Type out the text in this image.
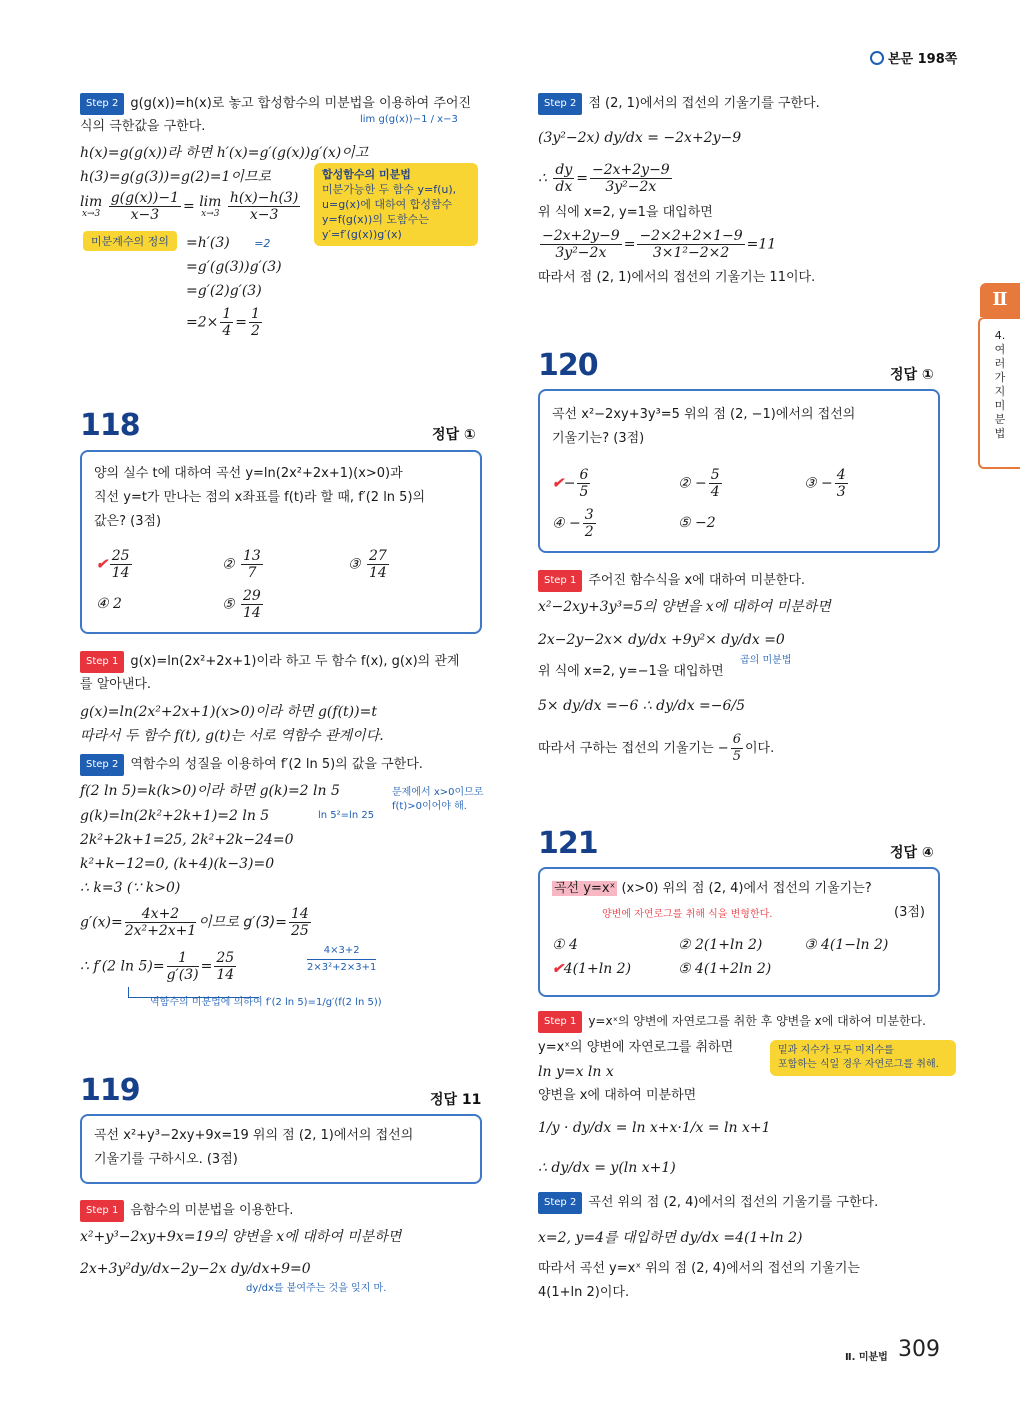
본문 198쪽
Ⅱ
4. 여러 가지 미분법
Step 2 g(g(x))=h(x)로 놓고 합성함수의 미분법을 이용하여 주어진
식의 극한값을 구한다.	lim g(g(x))−1 / x−3
h(x)=g(g(x))라 하면 h′(x)=g′(g(x))g′(x)이고
h(3)=g(g(3))=g(2)=1이므로
lim
x→3
$\frac{g(g(x))-1}{x-3} = \lim$
x→3
$\frac{h(x)-h(3)}{x-3}$
미분계수의 정의	=h′(3) =2
=g′(g(3))g′(3)
=g′(2)g′(3)
$=2\times \frac{1}{4} = \frac{1}{2}$
합성함수의 미분법
미분가능한 두 함수 y=f(u),
u=g(x)에 대하여 합성함수
y=f(g(x))의 도함수는
y′=f′(g(x))g′(x)
118	정답 ①
양의 실수 t에 대하여 곡선 y=ln(2x²+2x+1)(x>0)과
직선 y=t가 만나는 점의 x좌표를 f(t)라 할 때, f′(2 ln 5)의
값은? (3점)
✔ $\frac{25}{14}$	② $\frac{13}{7}$	③ $\frac{27}{14}$
④ 2	⑤ $\frac{29}{14}$
Step 1 g(x)=ln(2x²+2x+1)이라 하고 두 함수 f(x), g(x)의 관계
를 알아낸다.
g(x)=ln(2x²+2x+1)(x>0)이라 하면 g(f(t))=t
따라서 두 함수 f(t), g(t)는 서로 역함수 관계이다.
Step 2 역함수의 성질을 이용하여 f′(2 ln 5)의 값을 구한다.
f(2 ln 5)=k(k>0)이라 하면 g(k)=2 ln 5	문제에서 x>0이므로
f(t)>0이어야 해.
g(k)=ln(2k²+2k+1)=2 ln 5	ln 5²=ln 25
2k²+2k+1=25, 2k²+2k−24=0
k²+k−12=0, (k+4)(k−3)=0
∴ k=3 (∵ k>0)
$g'(x)= \frac{4x+2}{\text{2x²+2x+1}}$ 이므로 $g'(3)= \frac{14}{25}$
$\frac{4\times 3+2}{\text{2×3²+2×3+1}}$
∴ f′(2 $\ln 5)= \frac{1}{g'(3)} = \frac{25}{14}$
역함수의 미분법에 의하여 f′(2 ln 5)=1/g′(f(2 ln 5))
119	정답 11
곡선 x²+y³−2xy+9x=19 위의 점 (2, 1)에서의 접선의
기울기를 구하시오. (3점)
Step 1 음함수의 미분법을 이용한다.
x²+y³−2xy+9x=19의 양변을 x에 대하여 미분하면
2x+3y²dy/dx−2y−2x dy/dx+9=0
dy/dx를 붙여주는 것을 잊지 마.
Step 2 점 (2, 1)에서의 접선의 기울기를 구한다.
(3y²−2x) dy/dx = −2x+2y−9
∴ $\frac{dy}{dx} = \frac{-2x+2y-9}{\text{3y²−2x}}$
위 식에 x=2, y=1을 대입하면
$\frac{-2x+2y-9}{\text{3y²−2x}} = \frac{-2\times 2+2\times 1-9}{\text{3×1²−2×2}} =11$
따라서 점 (2, 1)에서의 접선의 기울기는 11이다.
120	정답 ①
곡선 x²−2xy+3y³=5 위의 점 (2, −1)에서의 접선의
기울기는? (3점)
✔− $\frac{6}{5}$	② − $\frac{5}{4}$	③ − $\frac{4}{3}$
④ − $\frac{3}{2}$	⑤ −2
Step 1 주어진 함수식을 x에 대하여 미분한다.
x²−2xy+3y³=5의 양변을 x에 대하여 미분하면
2x−2y−2x× dy/dx +9y²× dy/dx =0
곱의 미분법
위 식에 x=2, y=−1을 대입하면
5× dy/dx =−6 ∴ dy/dx =−6/5
따라서 구하는 접선의 기울기는 − $\frac{6}{5}$ 이다.
121	정답 ④
곡선 y=xˣ (x>0) 위의 점 (2, 4)에서 접선의 기울기는?
양변에 자연로그를 취해 식을 변형한다.	(3점)
① 4	② 2(1+ln 2)	③ 4(1−ln 2)
✔4(1+ln 2)	⑤ 4(1+2ln 2)
Step 1 y=xˣ의 양변에 자연로그를 취한 후 양변을 x에 대하여 미분한다.
y=xˣ의 양변에 자연로그를 취하면	밑과 지수가 모두 미지수를
포함하는 식일 경우 자연로그를 취해.
ln y=x ln x
양변을 x에 대하여 미분하면
1/y · dy/dx = ln x+x·1/x = ln x+1
∴ dy/dx = y(ln x+1)
Step 2 곡선 위의 점 (2, 4)에서의 접선의 기울기를 구한다.
x=2, y=4를 대입하면 dy/dx =4(1+ln 2)
따라서 곡선 y=xˣ 위의 점 (2, 4)에서의 접선의 기울기는
4(1+ln 2)이다.
Ⅱ. 미분법 309
